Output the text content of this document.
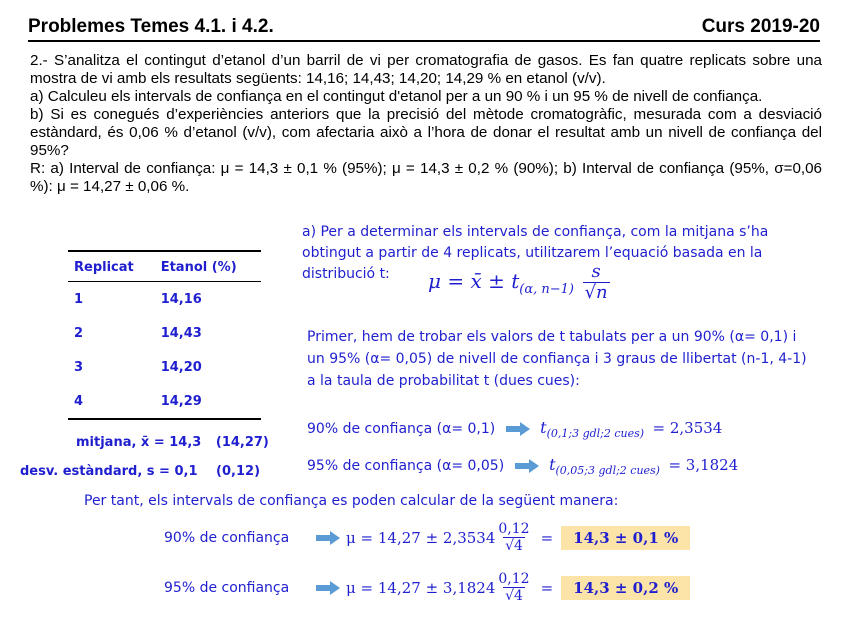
Problemes Temes 4.1. i 4.2.	Curs 2019-20

2.- S’analitza el contingut d’etanol d’un barril de vi per cromatografia de gasos. Es fan quatre replicats sobre una mostra de vi amb els resultats següents: 14,16; 14,43; 14,20; 14,29 % en etanol (v/v).

a) Calculeu els intervals de confiança en el contingut d'etanol per a un 90 % i un 95 % de nivell de confiança.

b) Si es conegués d’experiències anteriors que la precisió del mètode cromatogràfic, mesurada com a desviació estàndard, és 0,06 % d’etanol (v/v), com afectaria això a l’hora de donar el resultat amb un nivell de confiança del 95%?

R: a) Interval de confiança: μ = 14,3 ± 0,1 % (95%); μ = 14,3 ± 0,2 % (90%); b) Interval de confiança (95%, σ=0,06 %): μ = 14,27 ± 0,06 %.

Replicat	Etanol (%)
1	14,16
2	14,43
3	14,20
4	14,29
mitjana, x̄ = 14,3 (14,27)
desv. estàndard, s = 0,1 (0,12)
a) Per a determinar els intervals de confiança, com la mitjana s’ha obtingut a partir de 4 replicats, utilitzarem l’equació basada en la distribució t:	μ = x̄ ± $t_{(\alpha, n-1)} \frac{s}{√n}$
Primer, hem de trobar els valors de t tabulats per a un 90% (α= 0,1) i un 95% (α= 0,05) de nivell de confiança i 3 graus de llibertat (n-1, 4-1) a la taula de probabilitat t (dues cues):
90% de confiança (α= 0,1)	$t_{(0,1;3 gdl;2 cues)} = 2,3534$
95% de confiança (α= 0,05)	$t_{(0,05;3 gdl;2 cues)} = 3,1824$
Per tant, els intervals de confiança es poden calcular de la següent manera:
90% de confiança	$\mu = 14,27 \pm 2,3534 \frac{0,12}{√4}$ =	14,3 ± 0,1 %
95% de confiança	$\mu = 14,27 \pm 3,1824 \frac{0,12}{√4}$ =	14,3 ± 0,2 %
